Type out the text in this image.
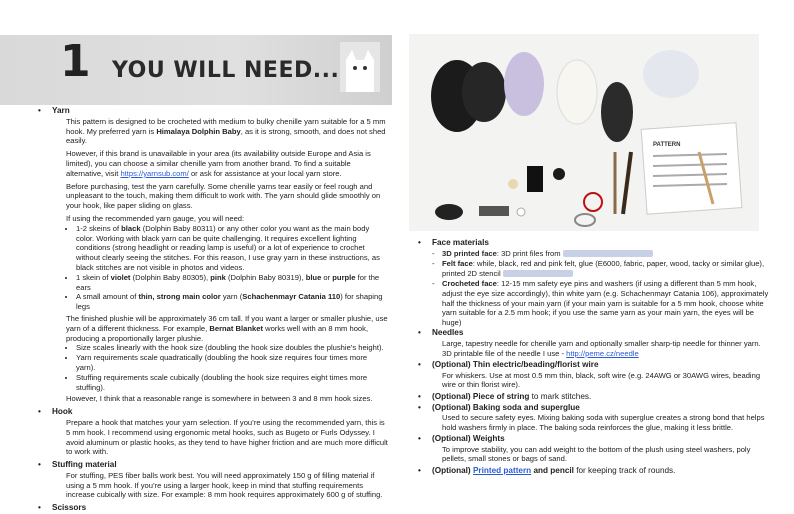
1 YOU WILL NEED...
• Yarn

This pattern is designed to be crocheted with medium to bulky chenille yarn suitable for a 5 mm hook. My preferred yarn is Himalaya Dolphin Baby, as it is strong, smooth, and does not shed easily.

However, if this brand is unavailable in your area (its availability outside Europe and Asia is limited), you can choose a similar chenille yarn from another brand. To find a suitable alternative, visit https://yarnsub.com/ or ask for assistance at your local yarn store.

Before purchasing, test the yarn carefully. Some chenille yarns tear easily or feel rough and unpleasant to the touch, making them difficult to work with. The yarn should glide smoothly on your hook, like paper sliding on glass.

If using the recommended yarn gauge, you will need:

• 1-2 skeins of black (Dolphin Baby 80311) or any other color you want as the main body color. Working with black yarn can be quite challenging. It requires excellent lighting conditions (strong headlight or reading lamp is useful) or a lot of experience to crochet without clearly seeing the stitches. For this reason, I use gray yarn in these instructions, as black stitches are not visible in photos and videos.
• 1 skein of violet (Dolphin Baby 80305), pink (Dolphin Baby 80319), blue or purple for the ears
• A small amount of thin, strong main color yarn (Schachenmayr Catania 110) for shaping legs

The finished plushie will be approximately 36 cm tall. If you want a larger or smaller plushie, use yarn of a different thickness. For example, Bernat Blanket works well with an 8 mm hook, producing a proportionally larger plushie.

• Size scales linearly with the hook size (doubling the hook size doubles the plushie’s height).
• Yarn requirements scale quadratically (doubling the hook size requires four times more yarn).
• Stuffing requirements scale cubically (doubling the hook size requires eight times more stuffing).

However, I think that a reasonable range is somewhere in between 3 and 8 mm hook sizes.

• Hook

Prepare a hook that matches your yarn selection. If you’re using the recommended yarn, this is 5 mm hook. I recommend using ergonomic metal hooks, such as Bugeto or Furls Odyssey. I avoid aluminum or plastic hooks, as they tend to have higher friction and are much more difficult to work with.

• Stuffing material

For stuffing, PES fiber balls work best. You will need approximately 150 g of filling material if using a 5 mm hook. If you’re using a larger hook, keep in mind that stuffing requirements increase cubically with size. For example: 8 mm hook requires approximately 600 g of stuffing.

• Scissors
PATTERN
• Face materials
- 3D printed face: 3D print files from
- Felt face: while, black, red and pink felt, glue (E6000, fabric, paper, wood, tacky or similar glue), printed 2D stencil
- Crocheted face: 12-15 mm safety eye pins and washers (if using a different than 5 mm hook, adjust the eye size accordingly), thin white yarn (e.g. Schachenmayr Catania 106), approximately half the thickness of your main yarn (if your main yarn is suitable for a 5 mm hook, choose white yarn suitable for a 2.5 mm hook; if you use the same yarn as your main yarn, the eyes will be huge)
• Needles

Large, tapestry needle for chenille yarn and optionally smaller sharp-tip needle for thinner yarn. 3D printable file of the needle I use - http://peme.cz/needle

• (Optional) Thin electric/beading/florist wire

For whiskers. Use at most 0.5 mm thin, black, soft wire (e.g. 24AWG or 30AWG wires, beading wire or thin florist wire).

• (Optional) Piece of string to mark stitches.
• (Optional) Baking soda and superglue

Used to secure safety eyes. Mixing baking soda with superglue creates a strong bond that helps hold washers firmly in place. The baking soda reinforces the glue, making it less brittle.

• (Optional) Weights

To improve stability, you can add weight to the bottom of the plush using steel washers, poly pellets, small stones or bags of sand.

• (Optional) Printed pattern and pencil for keeping track of rounds.
